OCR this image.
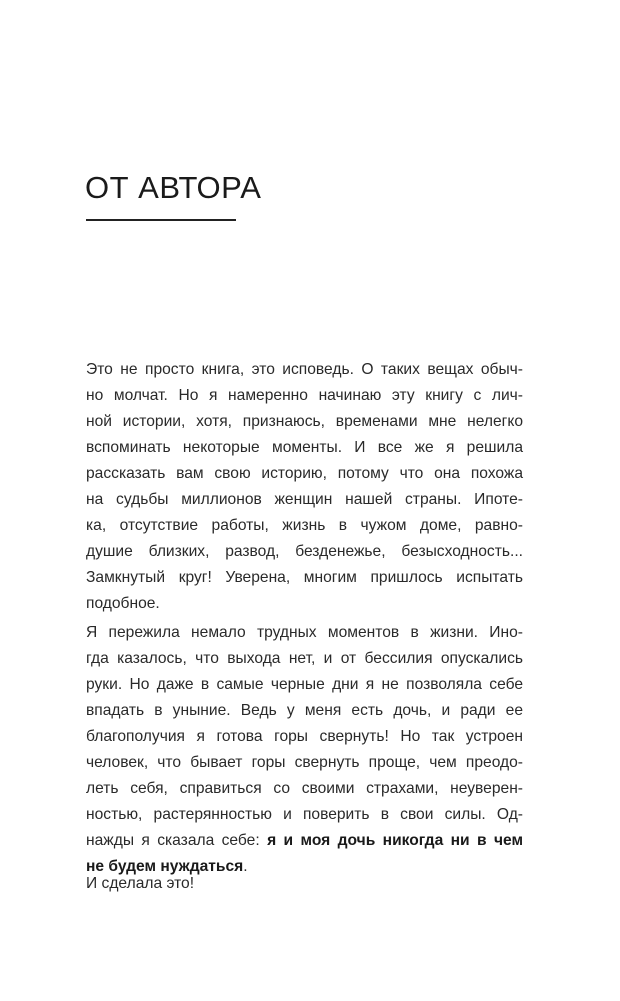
ОТ АВТОРА
Это не просто книга, это исповедь. О таких вещах обыч-
но молчат. Но я намеренно начинаю эту книгу с лич-
ной истории, хотя, признаюсь, временами мне нелегко
вспоминать некоторые моменты. И все же я решила
рассказать вам свою историю, потому что она похожа
на судьбы миллионов женщин нашей страны. Ипоте-
ка, отсутствие работы, жизнь в чужом доме, равно-
душие близких, развод, безденежье, безысходность...
Замкнутый круг! Уверена, многим пришлось испытать
подобное.
Я пережила немало трудных моментов в жизни. Ино-
гда казалось, что выхода нет, и от бессилия опускались
руки. Но даже в самые черные дни я не позволяла себе
впадать в уныние. Ведь у меня есть дочь, и ради ее
благополучия я готова горы свернуть! Но так устроен
человек, что бывает горы свернуть проще, чем преодо-
леть себя, справиться со своими страхами, неуверен-
ностью, растерянностью и поверить в свои силы. Од-
нажды я сказала себе: я и моя дочь никогда ни в чем
не будем нуждаться.
И сделала это!
